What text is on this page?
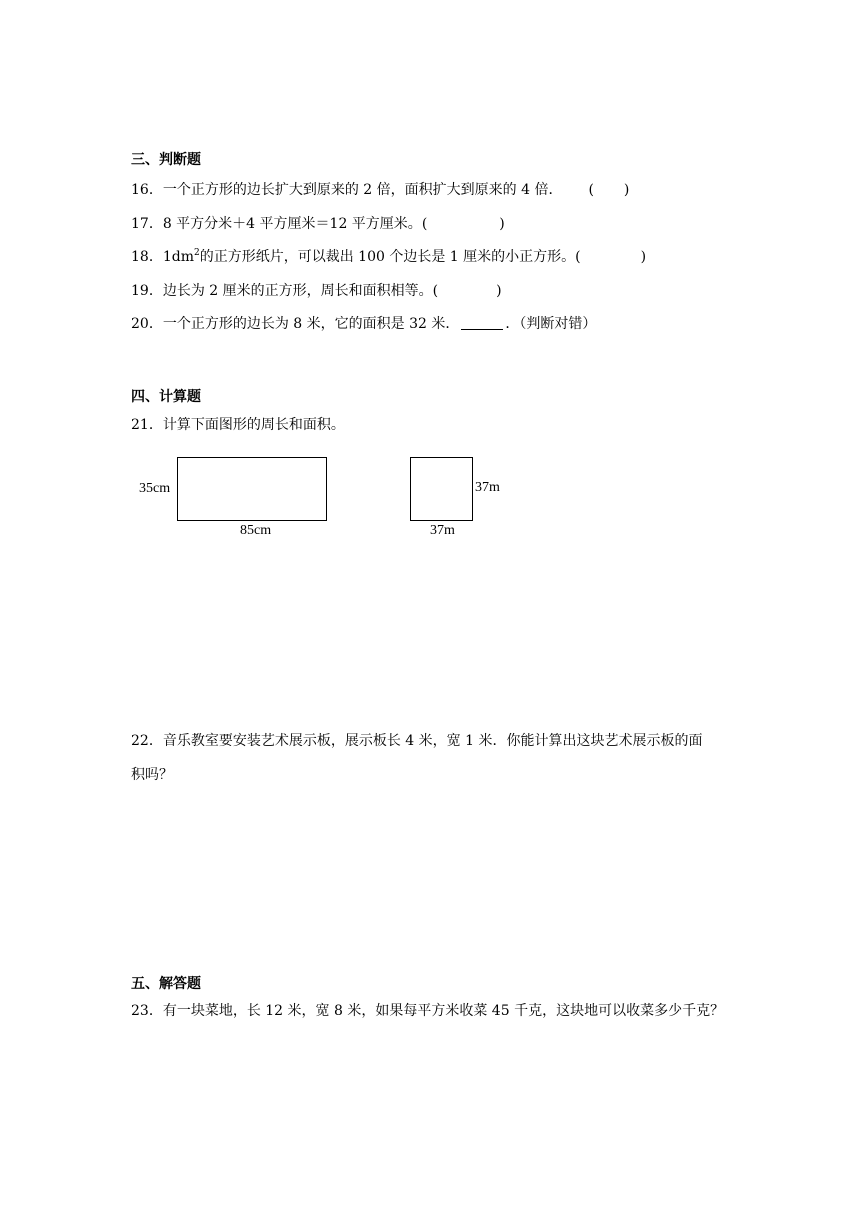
三、判断题
16．一个正方形的边长扩大到原来的 2 倍，面积扩大到原来的 4 倍． ( )
17．8 平方分米＋4 平方厘米＝12 平方厘米。(	)
18．$1dm^2$的正方形纸片，可以裁出 100 个边长是 1 厘米的小正方形。(	)
19．边长为 2 厘米的正方形，周长和面积相等。(	)
20．一个正方形的边长为 8 米，它的面积是 32 米．	．（判断对错）
四、计算题
21．计算下面图形的周长和面积。
35cm
85cm
37m
37m
22．音乐教室要安装艺术展示板，展示板长 4 米，宽 1 米．你能计算出这块艺术展示板的面
积吗？
五、解答题
23．有一块菜地，长 12 米，宽 8 米，如果每平方米收菜 45 千克，这块地可以收菜多少千克？
